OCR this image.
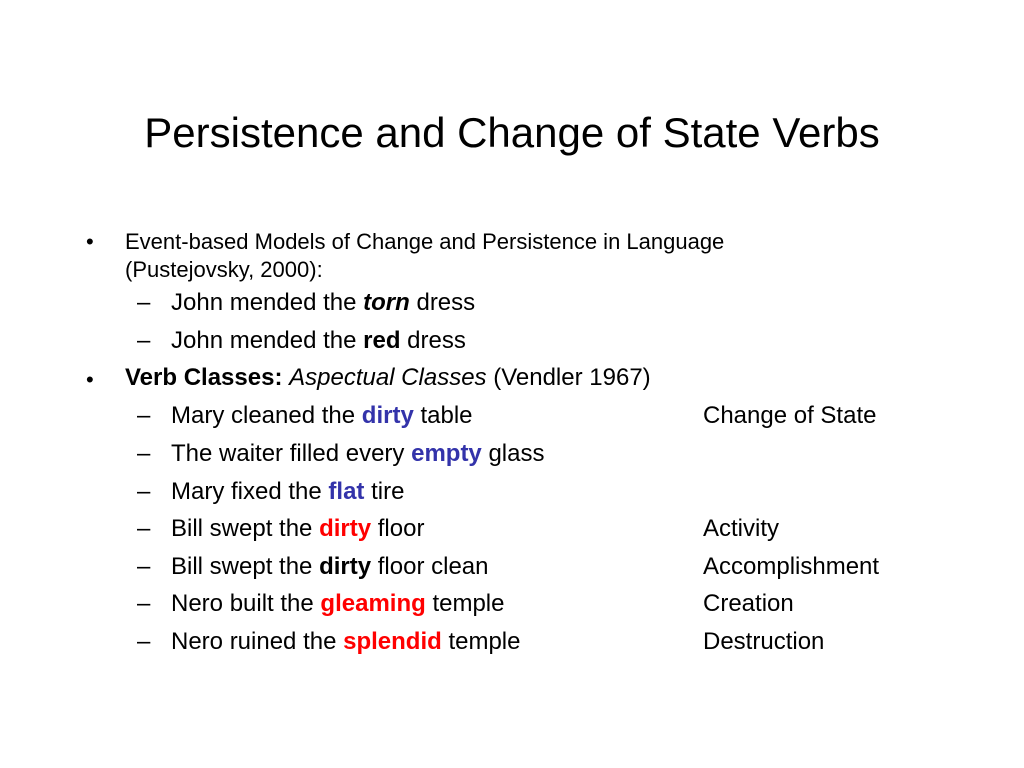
Persistence and Change of State Verbs
• Event-based Models of Change and Persistence in Language
(Pustejovsky, 2000):
– John mended the torn dress
– John mended the red dress
• Verb Classes: Aspectual Classes (Vendler 1967)
– Mary cleaned the dirty table	Change of State
– The waiter filled every empty glass
– Mary fixed the flat tire
– Bill swept the dirty floor	Activity
– Bill swept the dirty floor clean	Accomplishment
– Nero built the gleaming temple	Creation
– Nero ruined the splendid temple	Destruction
